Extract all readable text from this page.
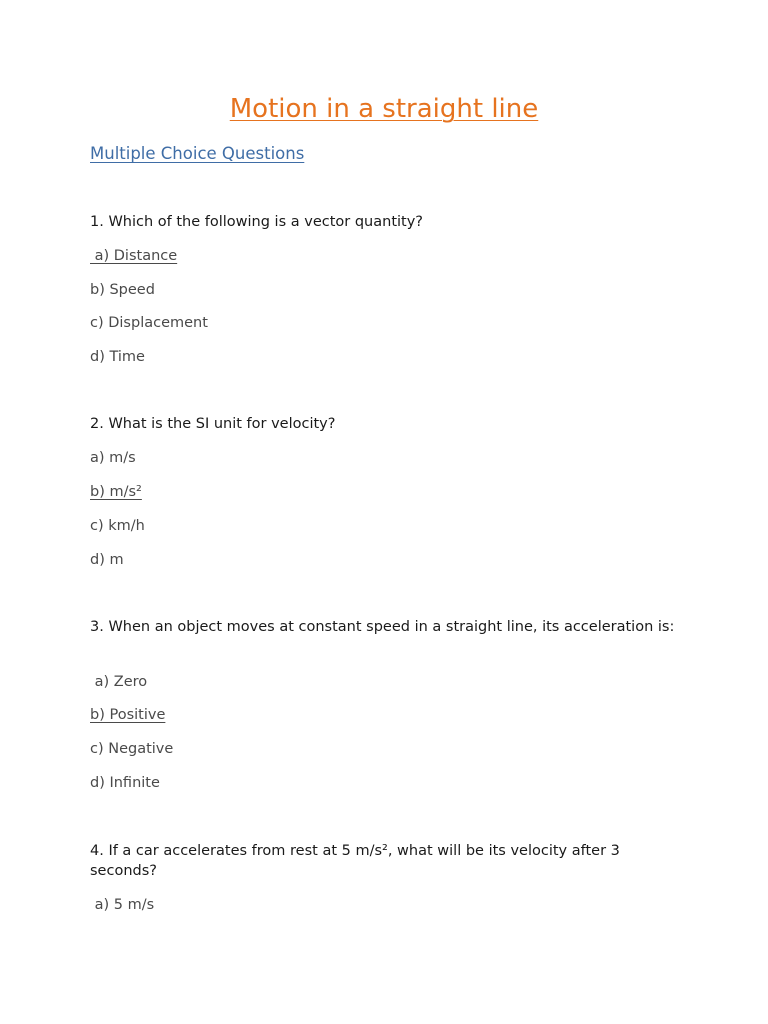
Motion in a straight line
Multiple Choice Questions

1. Which of the following is a vector quantity?

a) Distance

b) Speed

c) Displacement

d) Time

2. What is the SI unit for velocity?

a) m/s

b) m/s²

c) km/h

d) m

3. When an object moves at constant speed in a straight line, its acceleration is:

a) Zero

b) Positive

c) Negative

d) Infinite

4. If a car accelerates from rest at 5 m/s², what will be its velocity after 3 seconds?

a) 5 m/s
